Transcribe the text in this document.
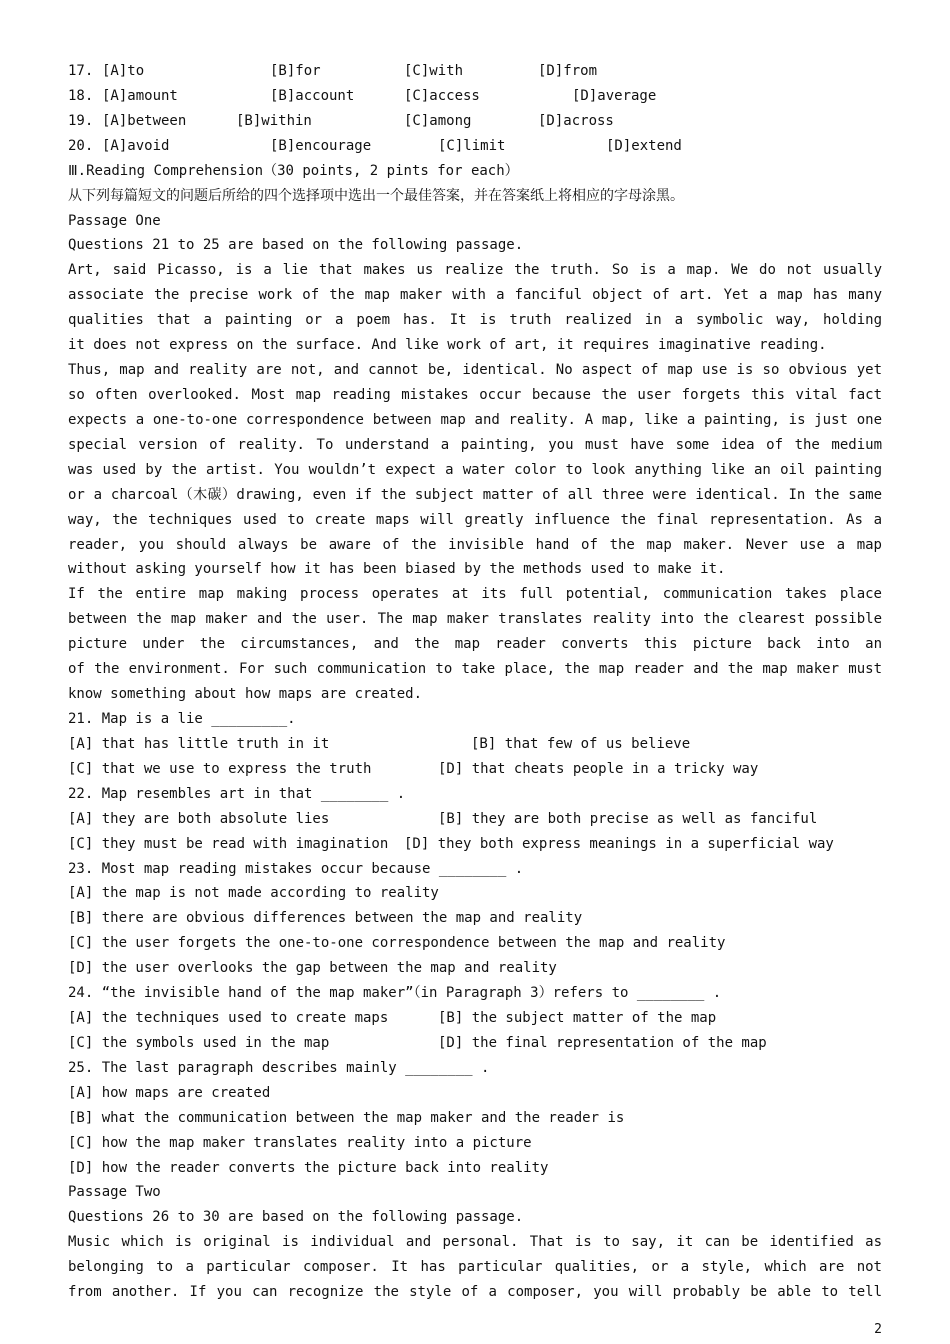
17. [A]to	[B]for	[C]with	[D]from
18. [A]amount	[B]account	[C]access	[D]average
19. [A]between	[B]within	[C]among	[D]across
20. [A]avoid	[B]encourage	[C]limit	[D]extend
Ⅲ.Reading Comprehension（30 points, 2 pints for each）
从下列每篇短文的问题后所给的四个选择项中选出一个最佳答案，并在答案纸上将相应的字母涂黑。
Passage One
Questions 21 to 25 are based on the following passage.
Art, said Picasso, is a lie that makes us realize the truth. So is a map. We do not usually
associate the precise work of the map maker with a fanciful object of art. Yet a map has many
qualities that a painting or a poem has. It is truth realized in a symbolic way, holding
it does not express on the surface. And like work of art, it requires imaginative reading.
Thus, map and reality are not, and cannot be, identical. No aspect of map use is so obvious yet
so often overlooked. Most map reading mistakes occur because the user forgets this vital fact
expects a one-to-one correspondence between map and reality. A map, like a painting, is just one
special version of reality. To understand a painting, you must have some idea of the medium
was used by the artist. You wouldn’t expect a water color to look anything like an oil painting
or a charcoal（木碳）drawing, even if the subject matter of all three were identical. In the same
way, the techniques used to create maps will greatly influence the final representation. As a
reader, you should always be aware of the invisible hand of the map maker. Never use a map
without asking yourself how it has been biased by the methods used to make it.
If the entire map making process operates at its full potential, communication takes place
between the map maker and the user. The map maker translates reality into the clearest possible
picture under the circumstances, and the map reader converts this picture back into an
of the environment. For such communication to take place, the map reader and the map maker must
know something about how maps are created.
21. Map is a lie _________.
[A] that has little truth in it	[B] that few of us believe
[C] that we use to express the truth	[D] that cheats people in a tricky way
22. Map resembles art in that ________ .
[A] they are both absolute lies	[B] they are both precise as well as fanciful
[C] they must be read with imagination	[D] they both express meanings in a superficial way
23. Most map reading mistakes occur because ________ .
[A] the map is not made according to reality
[B] there are obvious differences between the map and reality
[C] the user forgets the one-to-one correspondence between the map and reality
[D] the user overlooks the gap between the map and reality
24. “the invisible hand of the map maker”（in Paragraph 3）refers to ________ .
[A] the techniques used to create maps	[B] the subject matter of the map
[C] the symbols used in the map	[D] the final representation of the map
25. The last paragraph describes mainly ________ .
[A] how maps are created
[B] what the communication between the map maker and the reader is
[C] how the map maker translates reality into a picture
[D] how the reader converts the picture back into reality
Passage Two
Questions 26 to 30 are based on the following passage.
Music which is original is individual and personal. That is to say, it can be identified as
belonging to a particular composer. It has particular qualities, or a style, which are not
from another. If you can recognize the style of a composer, you will probably be able to tell
2
